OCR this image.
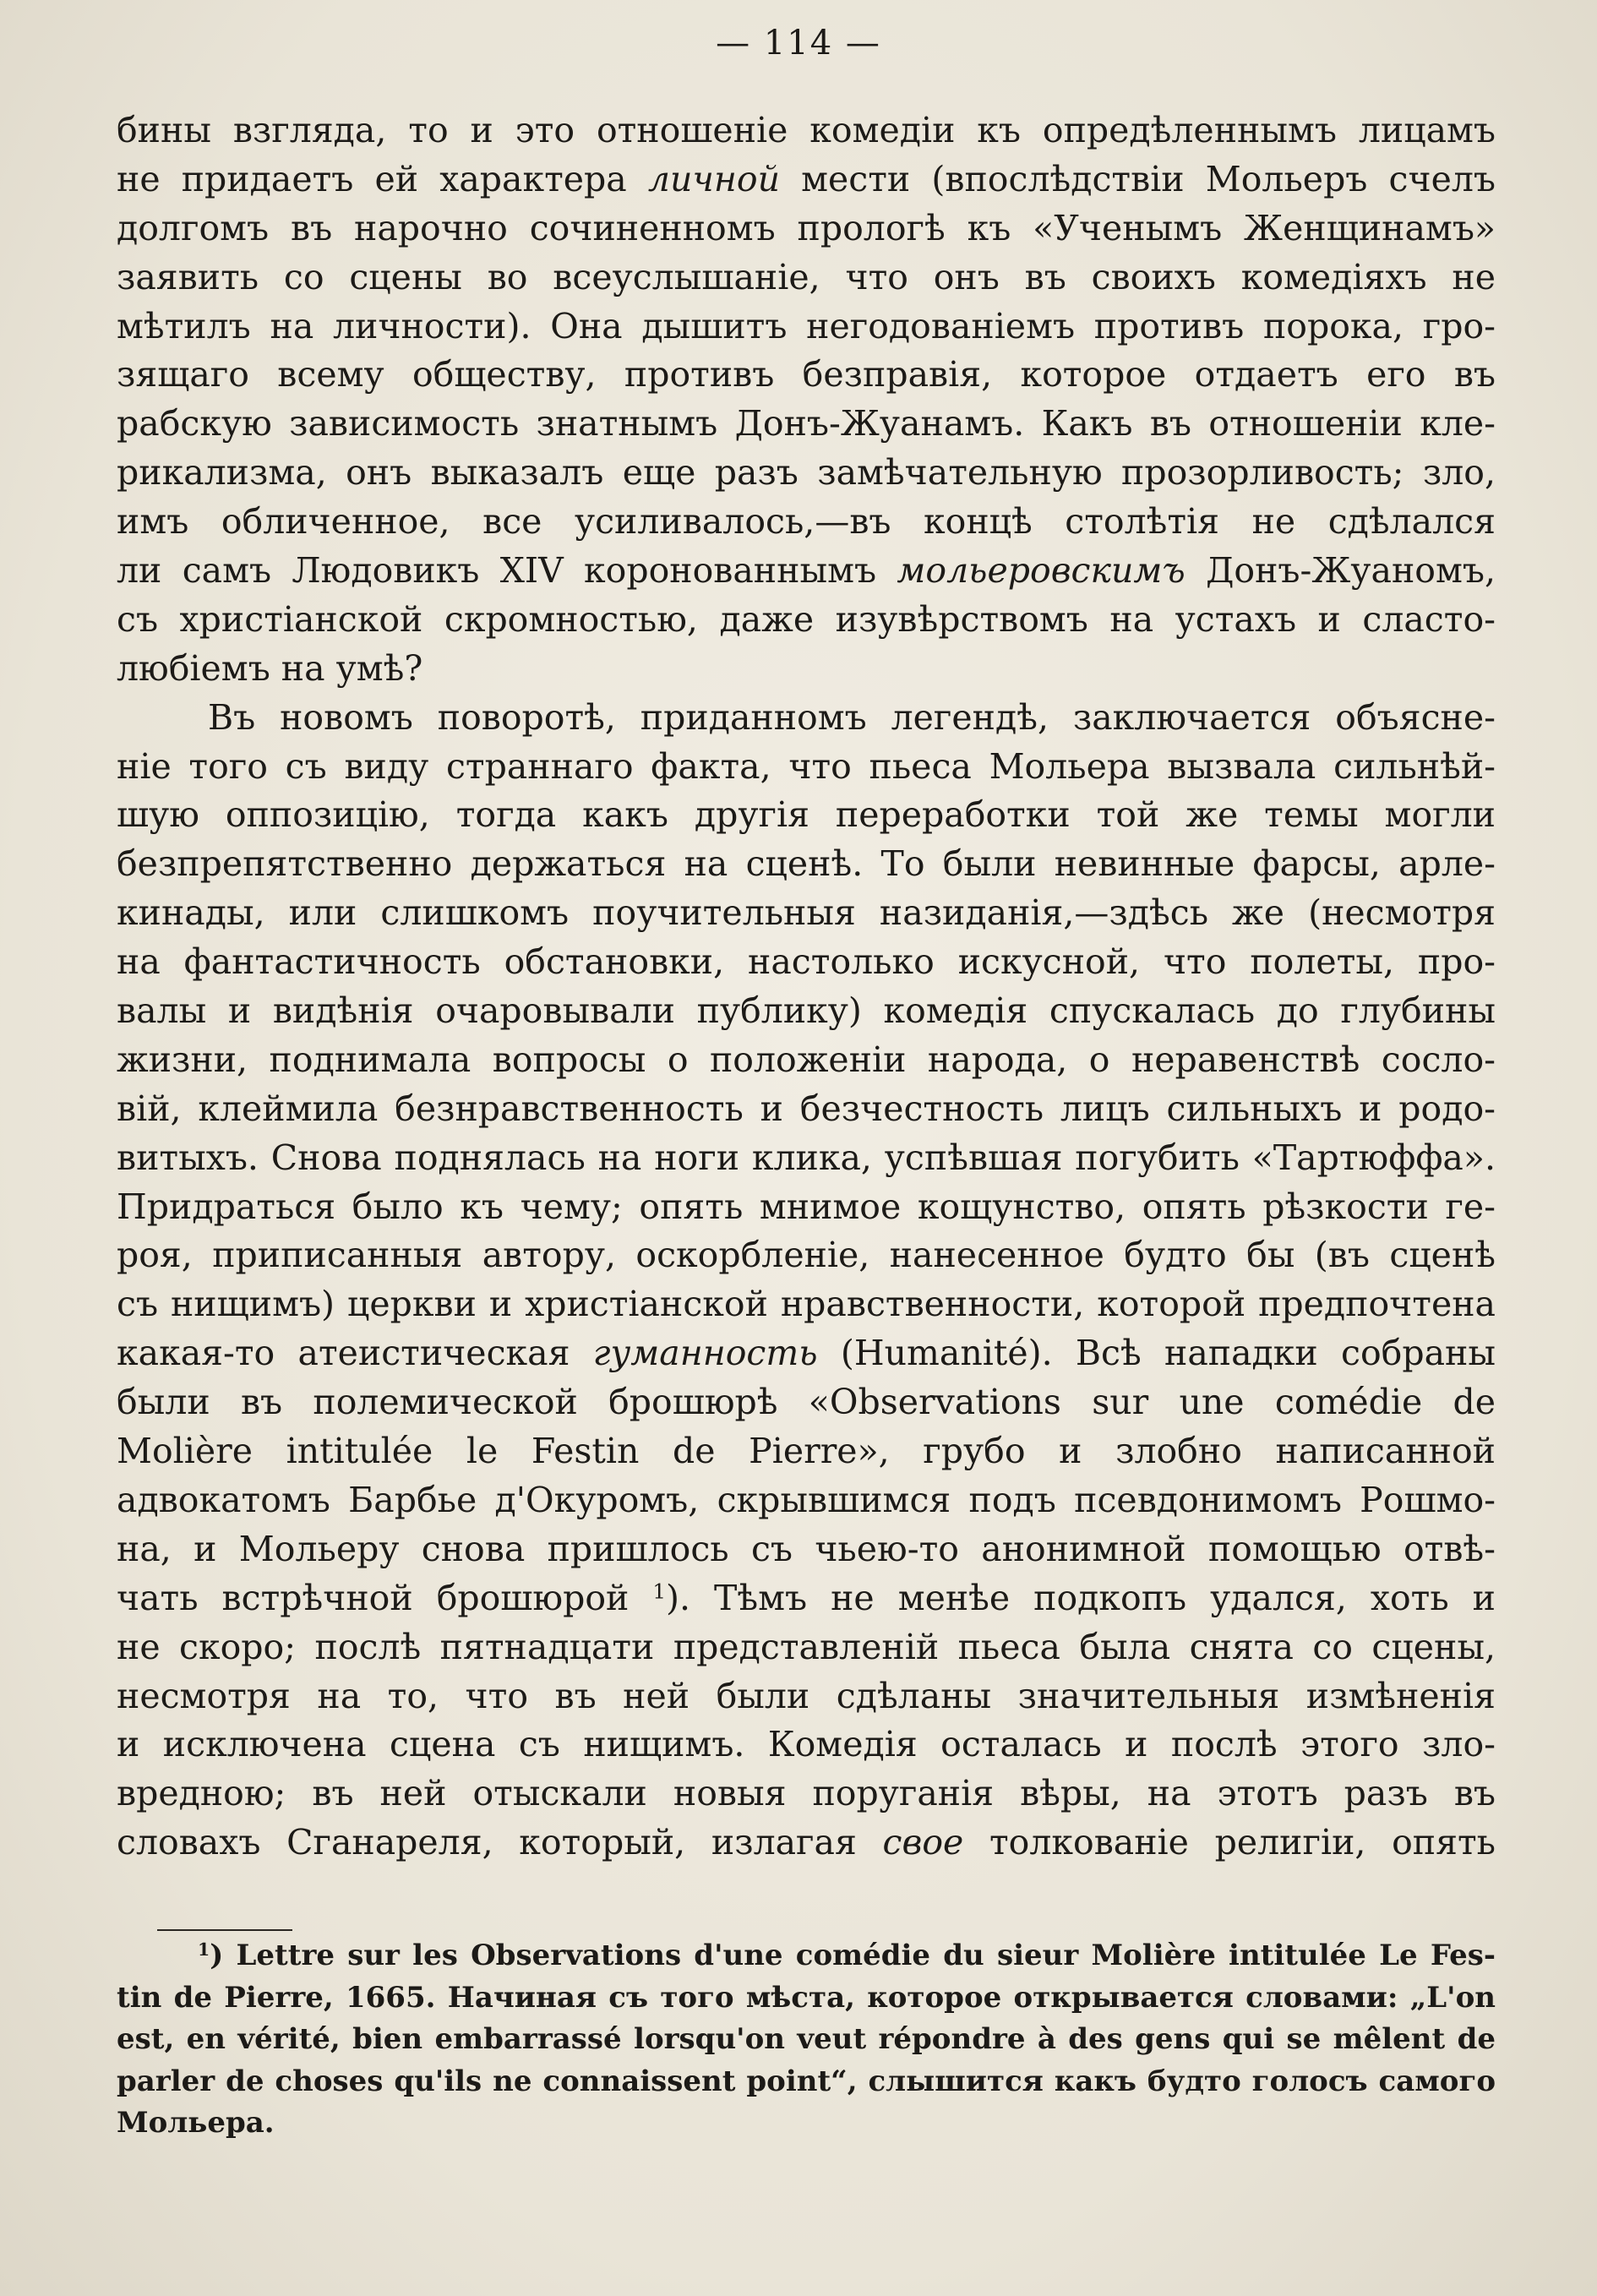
— 114 —
бины взгляда, то и это отношеніе комедіи къ опредѣленнымъ лицамъ
не придаетъ ей характера личной мести (впослѣдствіи Мольеръ счелъ
долгомъ въ нарочно сочиненномъ прологѣ къ «Ученымъ Женщинамъ»
заявить со сцены во всеуслышаніе, что онъ въ своихъ комедіяхъ не
мѣтилъ на личности). Она дышитъ негодованіемъ противъ порока, гро-
зящаго всему обществу, противъ безправія, которое отдаетъ его въ
рабскую зависимость знатнымъ Донъ-Жуанамъ. Какъ въ отношеніи кле-
рикализма, онъ выказалъ еще разъ замѣчательную прозорливость; зло,
имъ обличенное, все усиливалось,—въ концѣ столѣтія не сдѣлался
ли самъ Людовикъ XIV коронованнымъ мольеровскимъ Донъ-Жуаномъ,
съ христіанской скромностью, даже изувѣрствомъ на устахъ и сласто-
любіемъ на умѣ?
Въ новомъ поворотѣ, приданномъ легендѣ, заключается объясне-
ніе того съ виду страннаго факта, что пьеса Мольера вызвала сильнѣй-
шую оппозицію, тогда какъ другія переработки той же темы могли
безпрепятственно держаться на сценѣ. То были невинные фарсы, арле-
кинады, или слишкомъ поучительныя назиданія,—здѣсь же (несмотря
на фантастичность обстановки, настолько искусной, что полеты, про-
валы и видѣнія очаровывали публику) комедія спускалась до глубины
жизни, поднимала вопросы о положеніи народа, о неравенствѣ сосло-
вій, клеймила безнравственность и безчестность лицъ сильныхъ и родо-
витыхъ. Снова поднялась на ноги клика, успѣвшая погубить «Тартюффа».
Придраться было къ чему; опять мнимое кощунство, опять рѣзкости ге-
роя, приписанныя автору, оскорбленіе, нанесенное будто бы (въ сценѣ
съ нищимъ) церкви и христіанской нравственности, которой предпочтена
какая-то атеистическая гуманность (Humanité). Всѣ нападки собраны
были въ полемической брошюрѣ «Observations sur une comédie de
Molière intitulée le Festin de Pierre», грубо и злобно написанной
адвокатомъ Барбье д'Окуромъ, скрывшимся подъ псевдонимомъ Рошмо-
на, и Мольеру снова пришлось съ чьею-то анонимной помощью отвѣ-
чать встрѣчной брошюрой $^1$). Тѣмъ не менѣе подкопъ удался, хоть и
не скоро; послѣ пятнадцати представленій пьеса была снята со сцены,
несмотря на то, что въ ней были сдѣланы значительныя измѣненія
и исключена сцена съ нищимъ. Комедія осталась и послѣ этого зло-
вредною; въ ней отыскали новыя поруганія вѣры, на этотъ разъ въ
словахъ Сганареля, который, излагая свое толкованіе религіи, опять
$^1$) Lettre sur les Observations d'une comédie du sieur Molière intitulée Le Fes-
tin de Pierre, 1665. Начиная съ того мѣста, которое открывается словами: „L'on
est, en vérité, bien embarrassé lorsqu'on veut répondre à des gens qui se mêlent de
parler de choses qu'ils ne connaissent point“, слышится какъ будто голосъ самого
Мольера.
